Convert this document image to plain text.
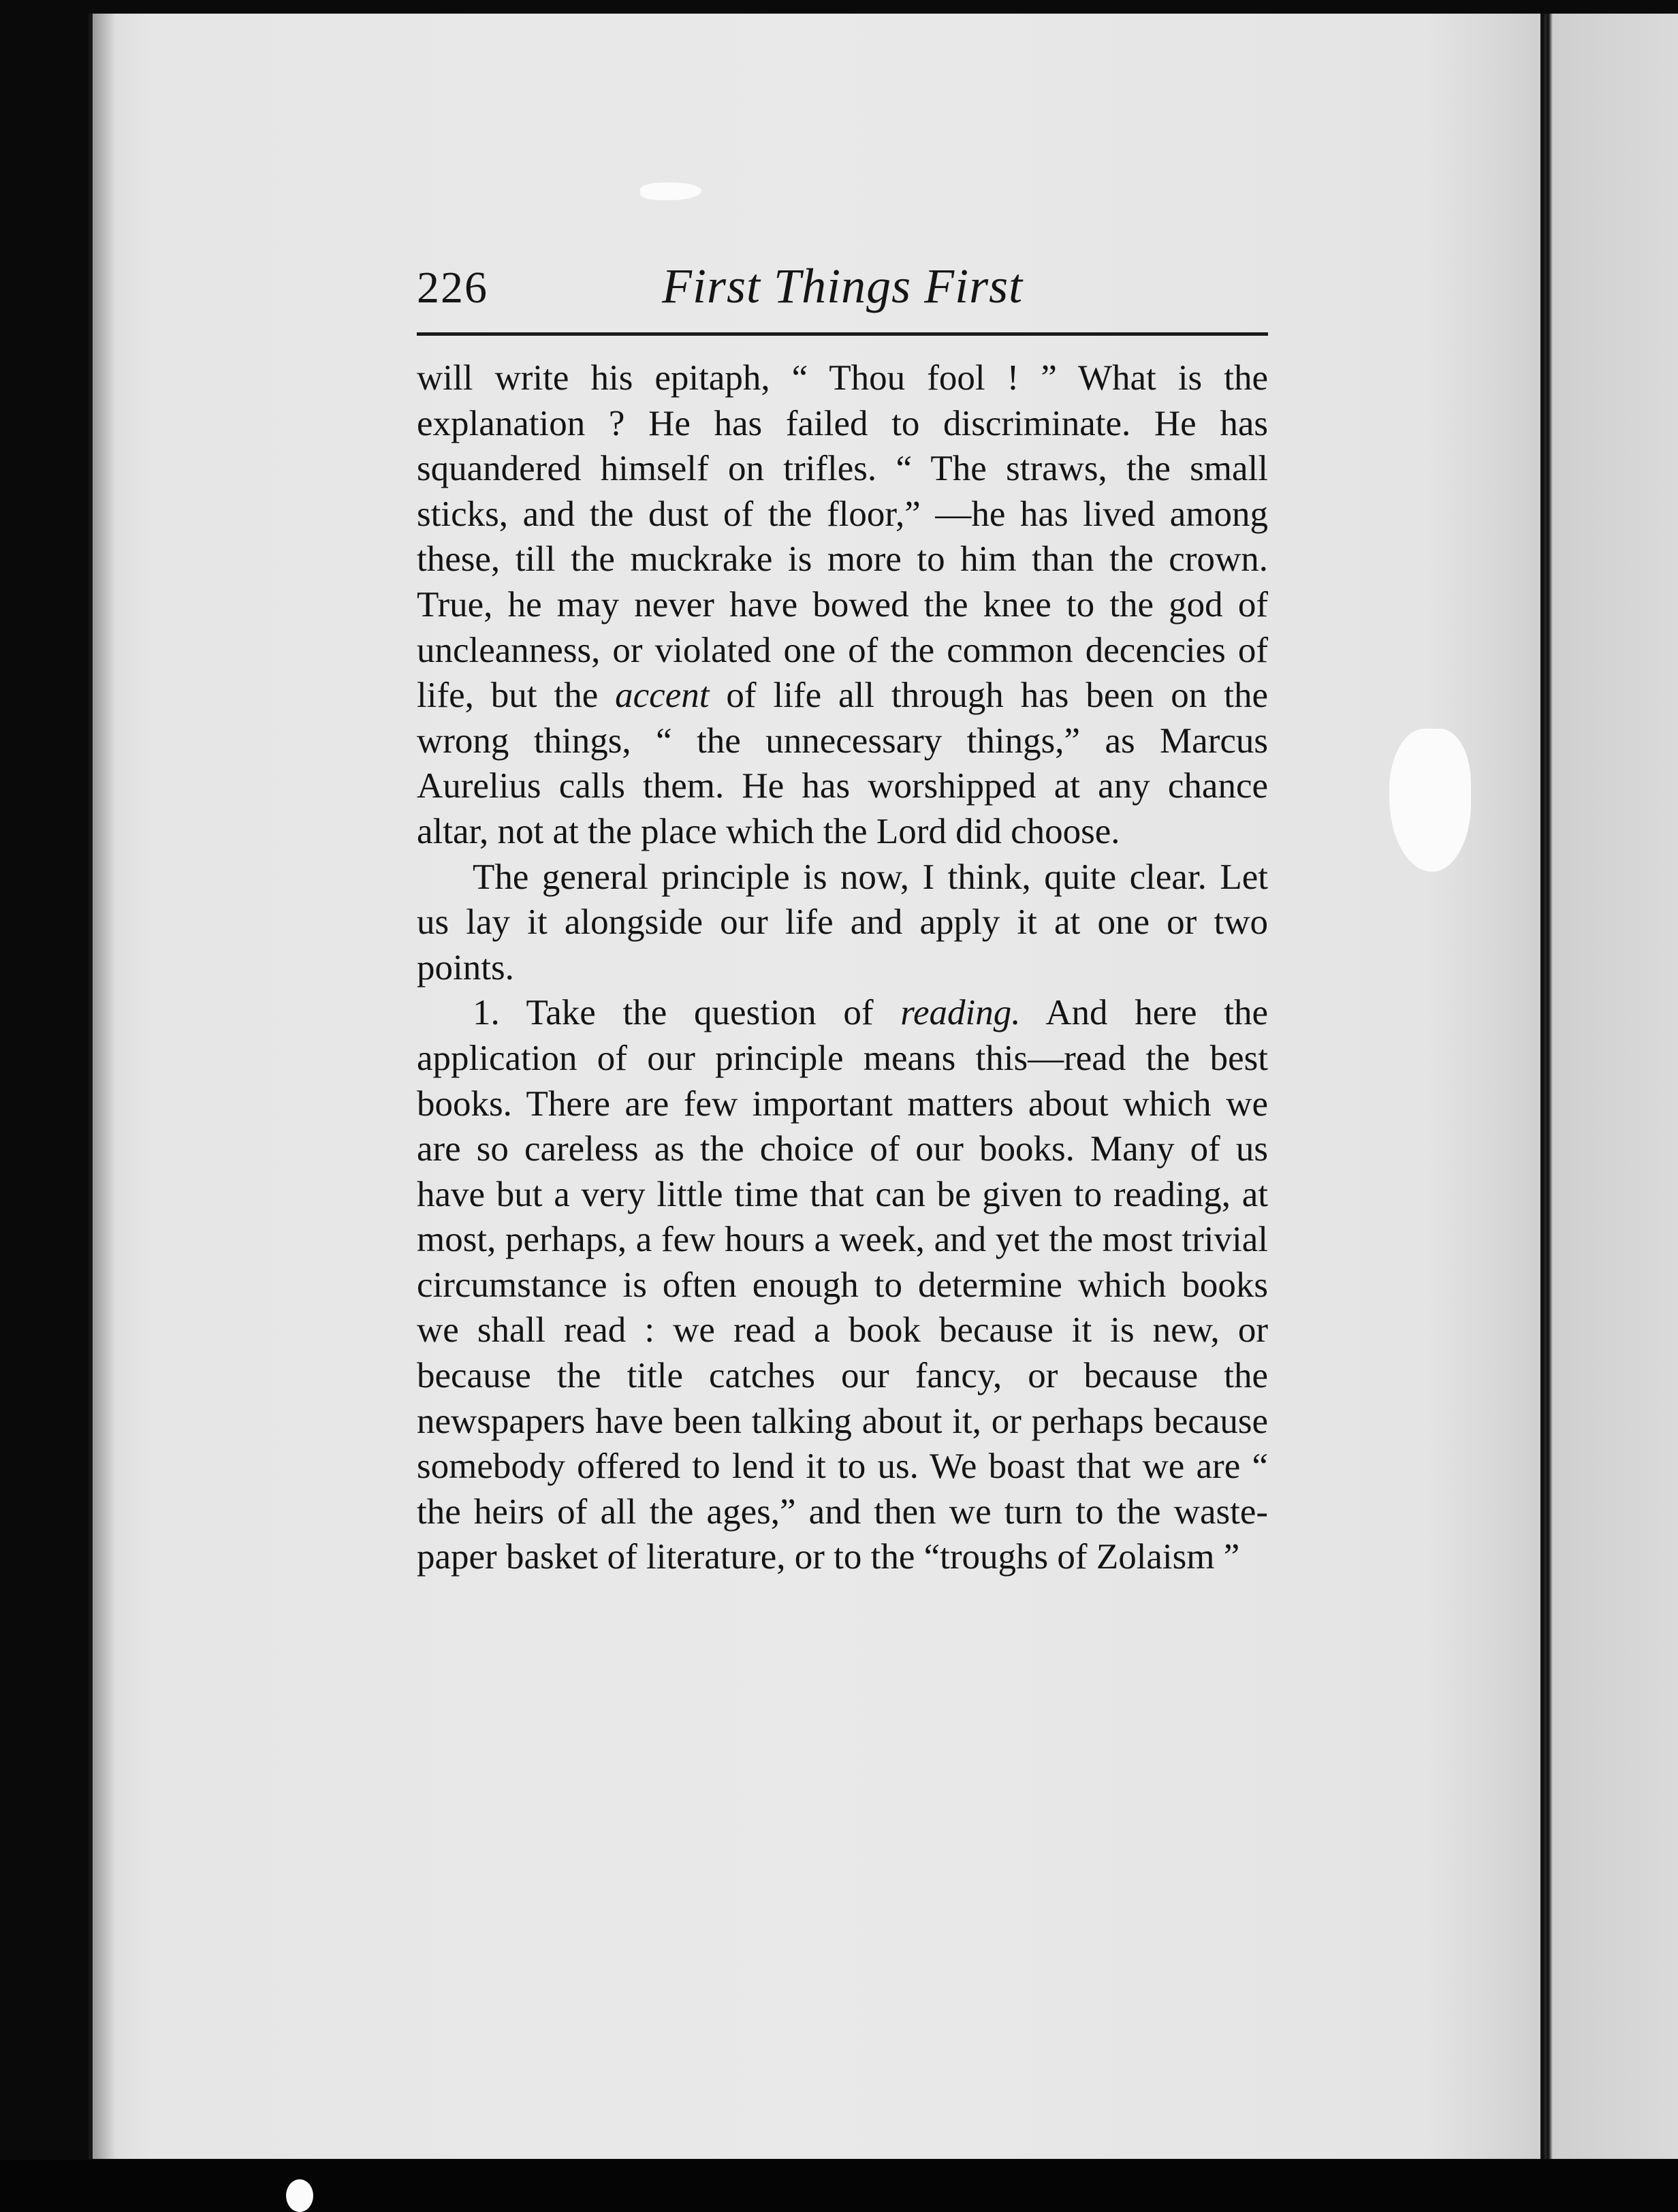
226	First Things First

will write his epitaph, “ Thou fool ! ” What is the explanation ? He has failed to discriminate. He has squandered himself on trifles. “ The straws, the small sticks, and the dust of the floor,” —he has lived among these, till the muckrake is more to him than the crown. True, he may never have bowed the knee to the god of uncleanness, or violated one of the common decencies of life, but the accent of life all through has been on the wrong things, “ the unnecessary things,” as Marcus Aurelius calls them. He has worshipped at any chance altar, not at the place which the Lord did choose.

The general principle is now, I think, quite clear. Let us lay it alongside our life and apply it at one or two points.

1. Take the question of reading. And here the application of our principle means this—read the best books. There are few important matters about which we are so careless as the choice of our books. Many of us have but a very little time that can be given to reading, at most, perhaps, a few hours a week, and yet the most trivial circumstance is often enough to determine which books we shall read : we read a book because it is new, or because the title catches our fancy, or because the newspapers have been talking about it, or perhaps because somebody offered to lend it to us. We boast that we are “ the heirs of all the ages,” and then we turn to the waste-paper basket of literature, or to the “troughs of Zolaism ”
